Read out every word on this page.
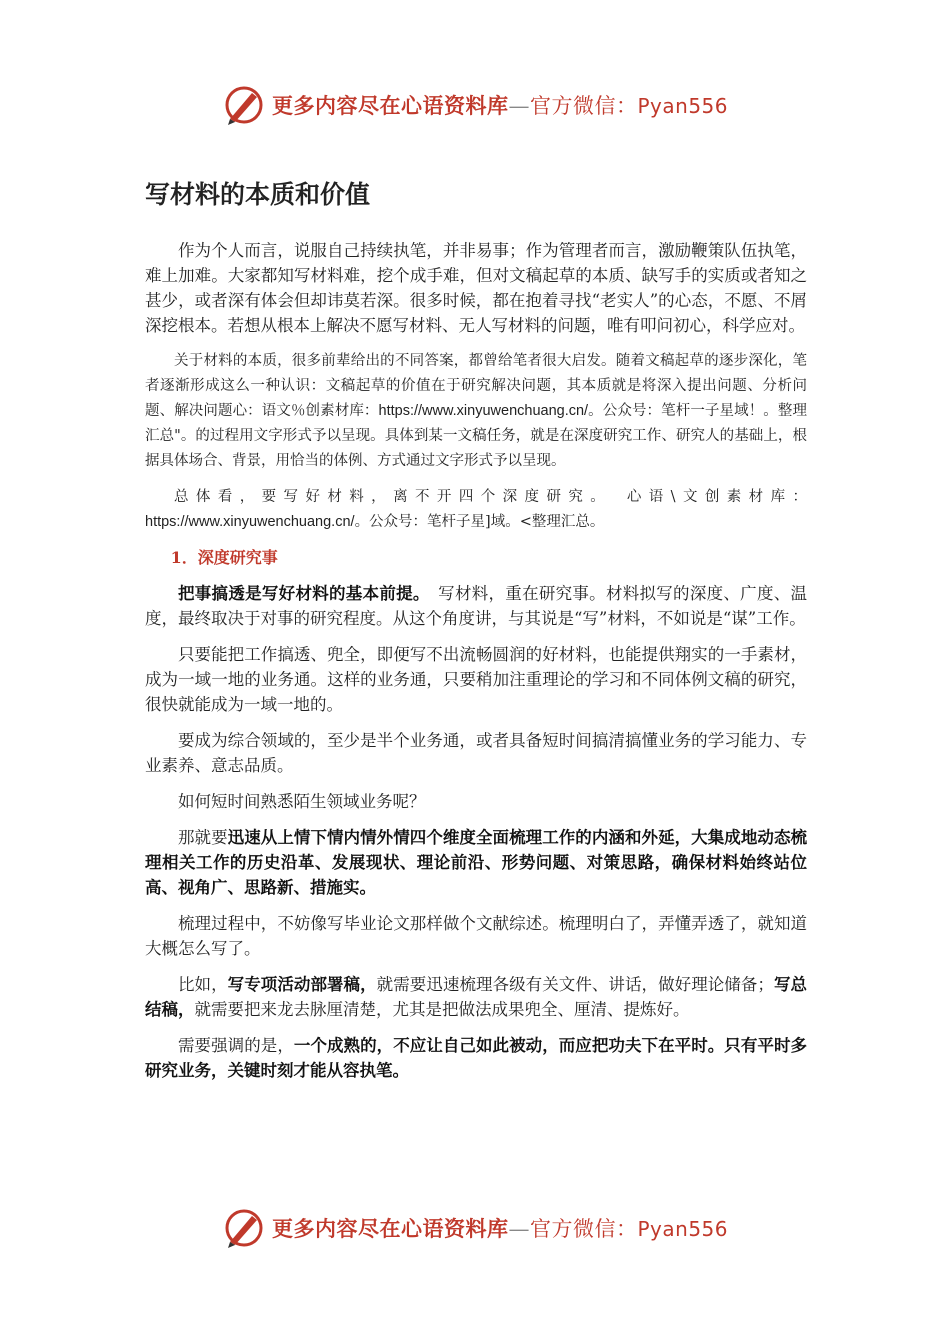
更多内容尽在心语资料库—官方微信：Pyan556
写材料的本质和价值

作为个人而言，说服自己持续执笔，并非易事；作为管理者而言，激励鞭策队伍执笔，难上加难。大家都知写材料难，挖个成手难，但对文稿起草的本质、缺写手的实质或者知之甚少，或者深有体会但却讳莫若深。很多时候，都在抱着寻找“老实人”的心态，不愿、不屑深挖根本。若想从根本上解决不愿写材料、无人写材料的问题，唯有叩问初心，科学应对。

关于材料的本质，很多前辈给出的不同答案，都曾给笔者很大启发。随着文稿起草的逐步深化，笔者逐渐形成这么一种认识：文稿起草的价值在于研究解决问题，其本质就是将深入提出问题、分析问题、解决问题心：语文％创素材库：https://www.xinyuwenchuang.cn/。公众号：笔杆一子星域！。整理汇总"。的过程用文字形式予以呈现。具体到某一文稿任务，就是在深度研究工作、研究人的基础上，根据具体场合、背景，用恰当的体例、方式通过文字形式予以呈现。

总体看，要写好材料，离不开四个深度研究。　心语\文创素材库：https://www.xinyuwenchuang.cn/。公众号：笔杆子星]域。<整理汇总。

1．深度研究事

把事搞透是写好材料的基本前提。　写材料，重在研究事。材料拟写的深度、广度、温度，最终取决于对事的研究程度。从这个角度讲，与其说是“写”材料，不如说是“谋”工作。

只要能把工作搞透、兜全，即便写不出流畅圆润的好材料，也能提供翔实的一手素材，成为一域一地的业务通。这样的业务通，只要稍加注重理论的学习和不同体例文稿的研究，很快就能成为一域一地的。

要成为综合领域的，至少是半个业务通，或者具备短时间搞清搞懂业务的学习能力、专业素养、意志品质。

如何短时间熟悉陌生领域业务呢？

那就要迅速从上情下情内情外情四个维度全面梳理工作的内涵和外延，大集成地动态梳理相关工作的历史沿革、发展现状、理论前沿、形势问题、对策思路，确保材料始终站位高、视角广、思路新、措施实。

梳理过程中，不妨像写毕业论文那样做个文献综述。梳理明白了，弄懂弄透了，就知道大概怎么写了。

比如，写专项活动部署稿，就需要迅速梳理各级有关文件、讲话，做好理论储备；写总结稿，就需要把来龙去脉厘清楚，尤其是把做法成果兜全、厘清、提炼好。

需要强调的是，一个成熟的，不应让自己如此被动，而应把功夫下在平时。只有平时多研究业务，关键时刻才能从容执笔。

更多内容尽在心语资料库—官方微信：Pyan556
